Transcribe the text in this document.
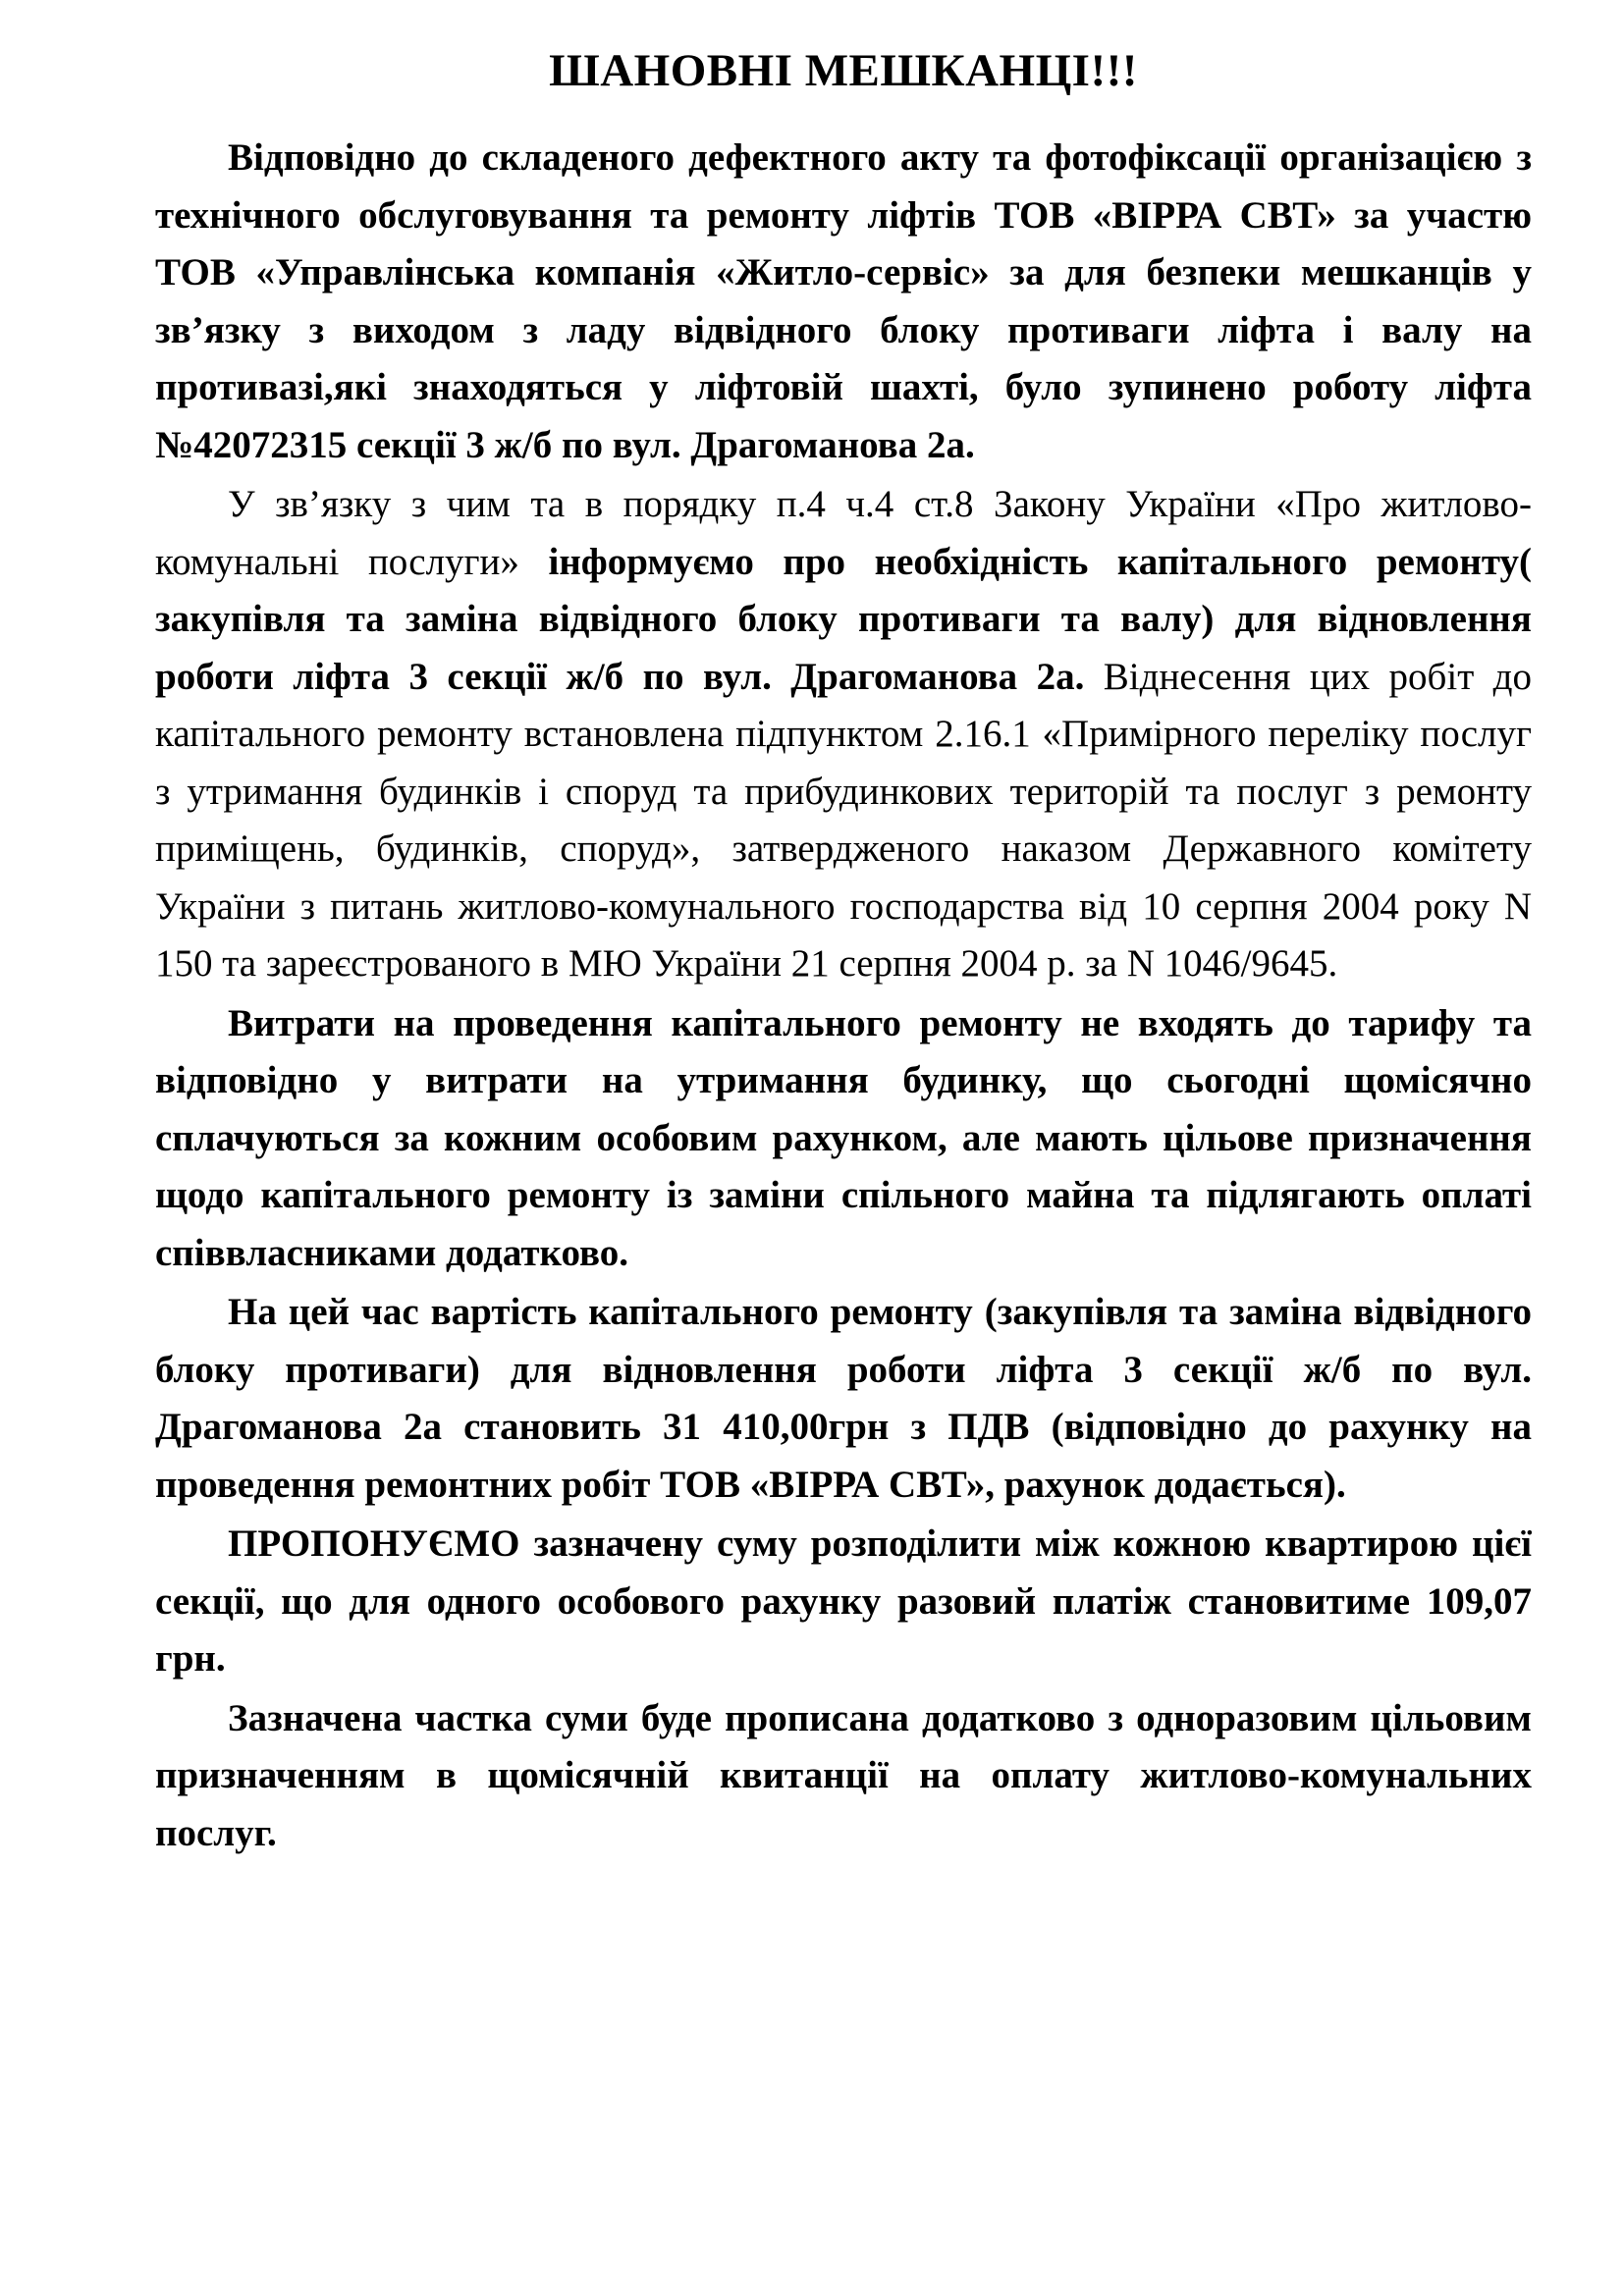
ШАНОВНІ МЕШКАНЦІ!!!

Відповідно до складеного дефектного акту та фотофіксації організацією з технічного обслуговування та ремонту ліфтів ТОВ «ВІРРА СВТ» за участю ТОВ «Управлінська компанія «Житло-сервіс» за для безпеки мешканців у зв’язку з виходом з ладу відвідного блоку противаги ліфта і валу на противазі,які знаходяться у ліфтовій шахті, було зупинено роботу ліфта №42072315 секції 3 ж/б по вул. Драгоманова 2а.

У зв’язку з чим та в порядку п.4 ч.4 ст.8 Закону України «Про житлово-комунальні послуги» інформуємо про необхідність капітального ремонту( закупівля та заміна відвідного блоку противаги та валу) для відновлення роботи ліфта 3 секції ж/б по вул. Драгоманова 2а. Віднесення цих робіт до капітального ремонту встановлена підпунктом 2.16.1 «Примірного переліку послуг з утримання будинків і споруд та прибудинкових територій та послуг з ремонту приміщень, будинків, споруд», затвердженого наказом Державного комітету України з питань житлово-комунального господарства від 10 серпня 2004 року N 150 та зареєстрованого в МЮ України 21 серпня 2004 р. за N 1046/9645.

Витрати на проведення капітального ремонту не входять до тарифу та відповідно у витрати на утримання будинку, що сьогодні щомісячно сплачуються за кожним особовим рахунком, але мають цільове призначення щодо капітального ремонту із заміни спільного майна та підлягають оплаті співвласниками додатково.

На цей час вартість капітального ремонту (закупівля та заміна відвідного блоку противаги) для відновлення роботи ліфта 3 секції ж/б по вул. Драгоманова 2а становить 31 410,00грн з ПДВ (відповідно до рахунку на проведення ремонтних робіт ТОВ «ВІРРА СВТ», рахунок додається).

ПРОПОНУЄМО зазначену суму розподілити між кожною квартирою цієї секції, що для одного особового рахунку разовий платіж становитиме 109,07 грн.

Зазначена частка суми буде прописана додатково з одноразовим цільовим призначенням в щомісячній квитанції на оплату житлово-комунальних послуг.
